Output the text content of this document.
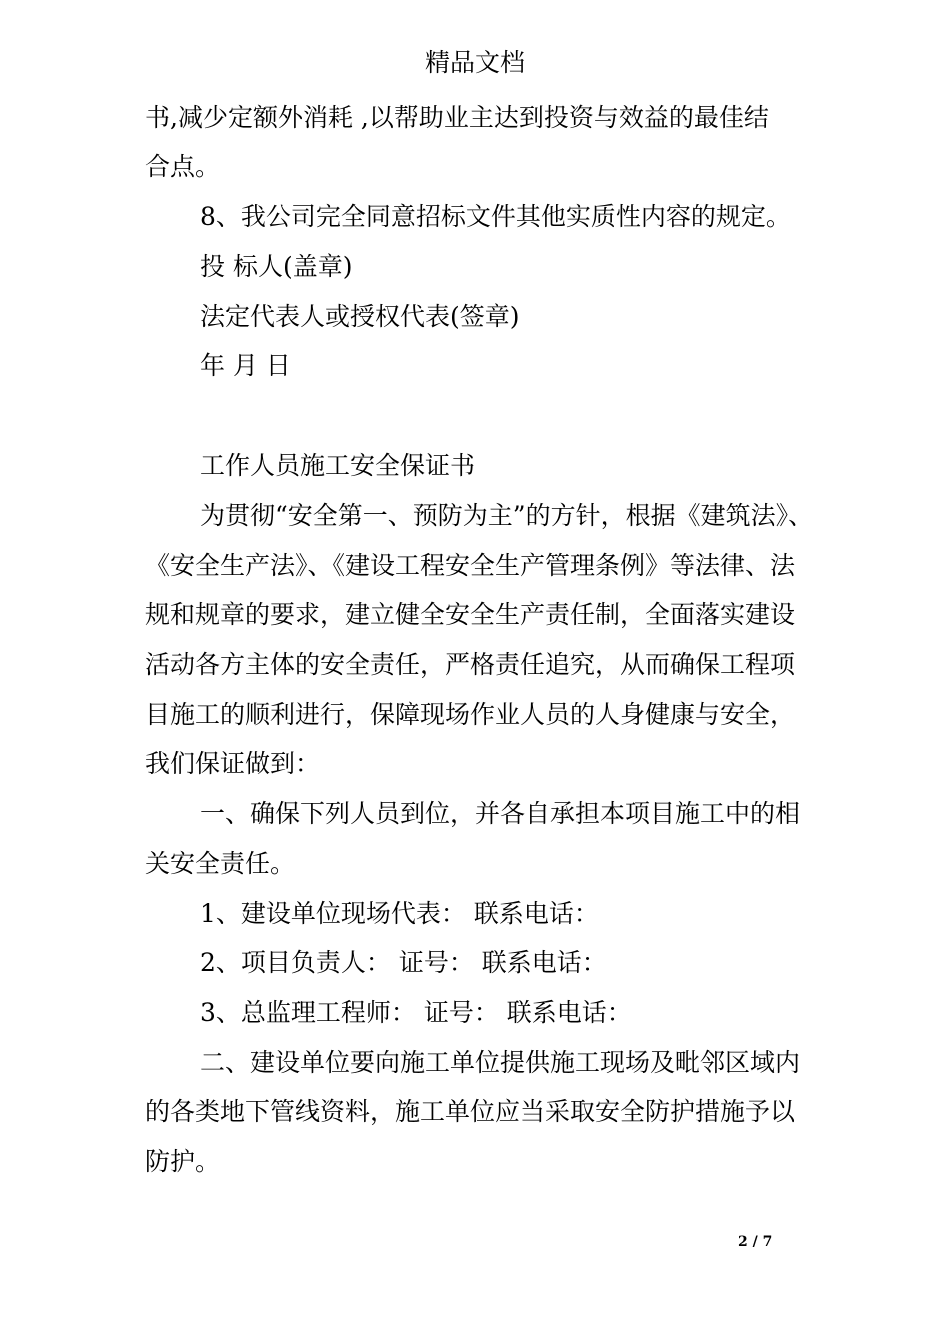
精品文档
书,减少定额外消耗 ,以帮助业主达到投资与效益的最佳结
合点。
8、我公司完全同意招标文件其他实质性内容的规定。
投 标人(盖章)
法定代表人或授权代表(签章)
年 月 日
工作人员施工安全保证书
为贯彻“安全第一、预防为主”的方针，根据《建筑法》、
《安全生产法》、《建设工程安全生产管理条例》等法律、法
规和规章的要求，建立健全安全生产责任制，全面落实建设
活动各方主体的安全责任，严格责任追究，从而确保工程项
目施工的顺利进行，保障现场作业人员的人身健康与安全，
我们保证做到：
一、确保下列人员到位，并各自承担本项目施工中的相
关安全责任。
1、建设单位现场代表： 联系电话：
2、项目负责人： 证号： 联系电话：
3、总监理工程师： 证号： 联系电话：
二、建设单位要向施工单位提供施工现场及毗邻区域内
的各类地下管线资料，施工单位应当采取安全防护措施予以
防护。
2 / 7
